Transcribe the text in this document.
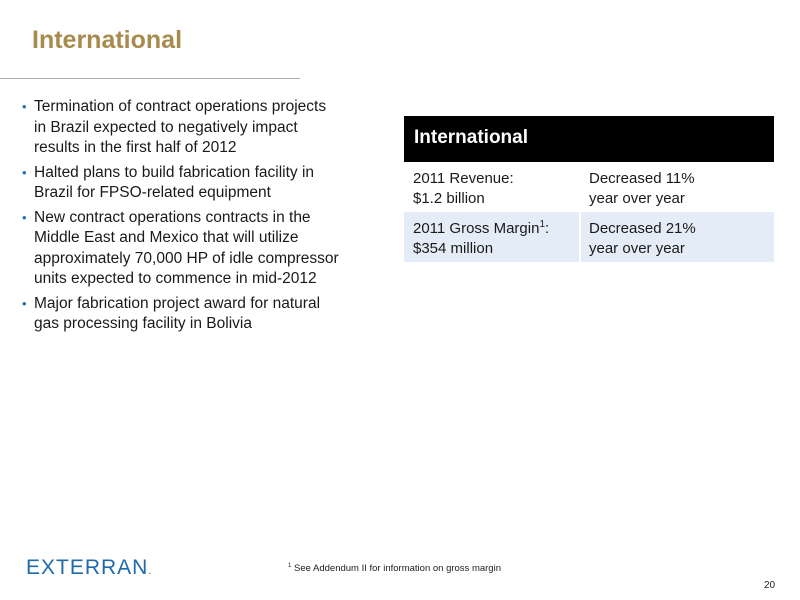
International
• Termination of contract operations projects in Brazil expected to negatively impact results in the first half of 2012
• Halted plans to build fabrication facility in Brazil for FPSO-related equipment
• New contract operations contracts in the Middle East and Mexico that will utilize approximately 70,000 HP of idle compressor units expected to commence in mid-2012
• Major fabrication project award for natural gas processing facility in Bolivia
International
2011 Revenue:
$1.2 billion
Decreased 11%
year over year
2011 Gross Margin$^1$:
$354 million
Decreased 21%
year over year
EXTERRAN.	$^1$ See Addendum II for information on gross margin
20
